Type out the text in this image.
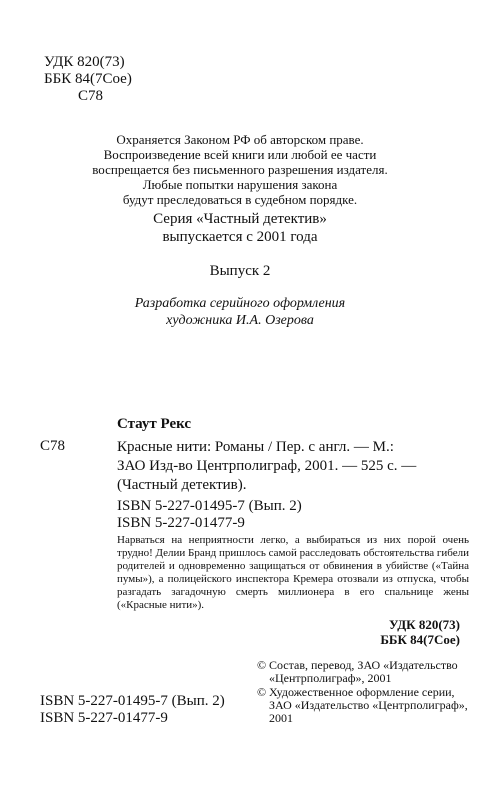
УДК 820(73)
ББК 84(7Сое)
С78
Охраняется Законом РФ об авторском праве.
Воспроизведение всей книги или любой ее части
воспрещается без письменного разрешения издателя.
Любые попытки нарушения закона
будут преследоваться в судебном порядке.
Серия «Частный детектив»
выпускается с 2001 года
Выпуск 2
Разработка серийного оформления
художника И.А. Озерова
Стаут Рекс
С78	Красные нити: Романы / Пер. с англ. — М.:
ЗАО Изд-во Центрполиграф, 2001. — 525 с. —
(Частный детектив).
ISBN 5-227-01495-7 (Вып. 2)
ISBN 5-227-01477-9
Нарваться на неприятности легко, а выбираться из них порой очень трудно! Делии Бранд пришлось самой расследовать обстоятельства гибели родителей и одновременно защищаться от обвинения в убийстве («Тайна пумы»), а полицейского инспектора Кремера отозвали из отпуска, чтобы разгадать загадочную смерть миллионера в его спальнице жены («Красные нити»).
УДК 820(73)
ББК 84(7Сое)
© Состав, перевод, ЗАО «Издательство «Центрполиграф», 2001
© Художественное оформление серии, ЗАО «Издательство «Центрполиграф», 2001
ISBN 5-227-01495-7 (Вып. 2)
ISBN 5-227-01477-9
